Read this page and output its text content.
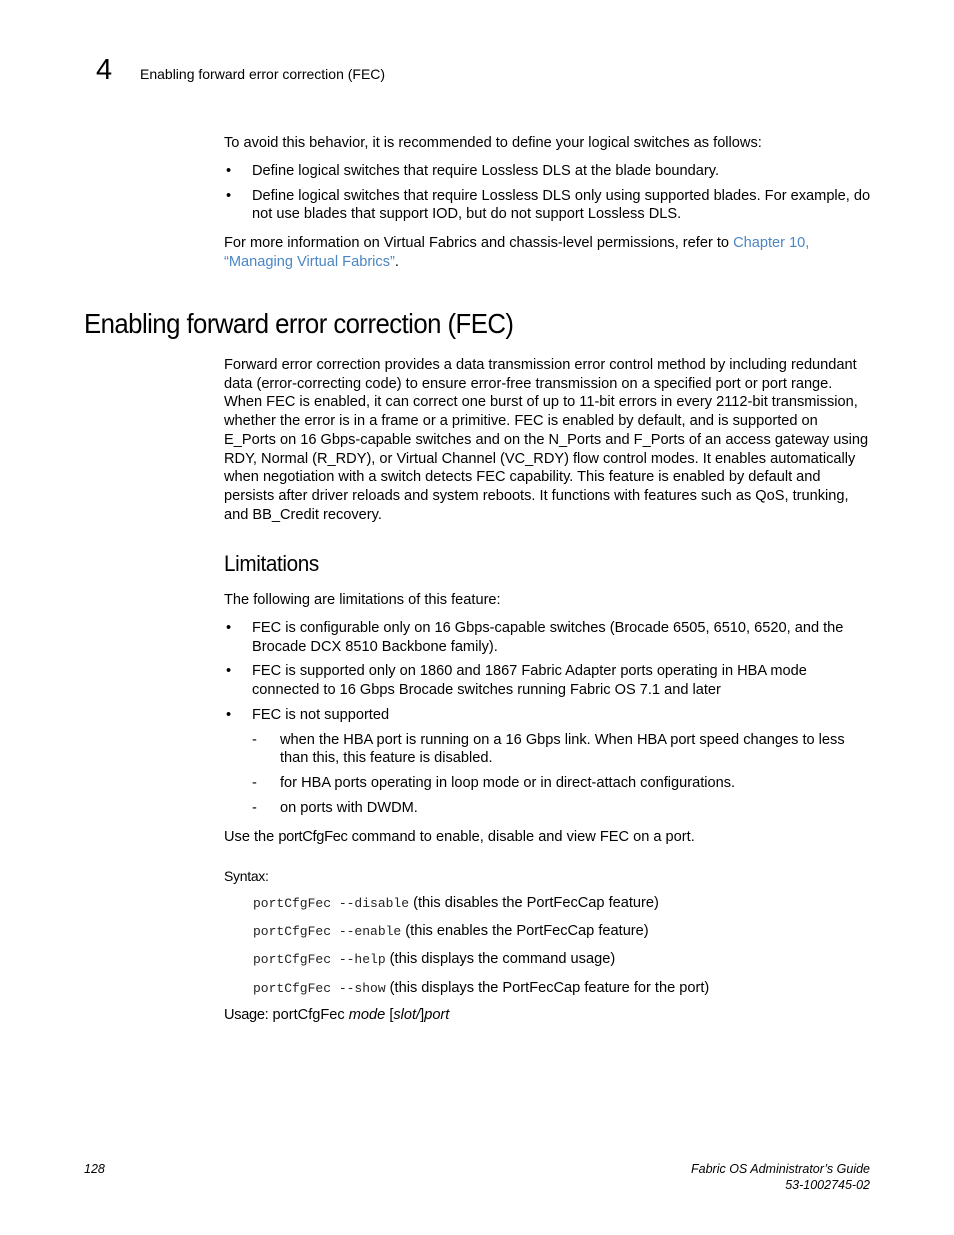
4 Enabling forward error correction (FEC)
To avoid this behavior, it is recommended to define your logical switches as follows:
• Define logical switches that require Lossless DLS at the blade boundary.
• Define logical switches that require Lossless DLS only using supported blades. For example, do not use blades that support IOD, but do not support Lossless DLS.
For more information on Virtual Fabrics and chassis-level permissions, refer to Chapter 10, “Managing Virtual Fabrics”.
Enabling forward error correction (FEC)
Forward error correction provides a data transmission error control method by including redundant data (error-correcting code) to ensure error-free transmission on a specified port or port range. When FEC is enabled, it can correct one burst of up to 11-bit errors in every 2112-bit transmission, whether the error is in a frame or a primitive. FEC is enabled by default, and is supported on E_Ports on 16 Gbps-capable switches and on the N_Ports and F_Ports of an access gateway using RDY, Normal (R_RDY), or Virtual Channel (VC_RDY) flow control modes. It enables automatically when negotiation with a switch detects FEC capability. This feature is enabled by default and persists after driver reloads and system reboots. It functions with features such as QoS, trunking, and BB_Credit recovery.
Limitations
The following are limitations of this feature:
• FEC is configurable only on 16 Gbps-capable switches (Brocade 6505, 6510, 6520, and the Brocade DCX 8510 Backbone family).
• FEC is supported only on 1860 and 1867 Fabric Adapter ports operating in HBA mode connected to 16 Gbps Brocade switches running Fabric OS 7.1 and later
• FEC is not supported
- when the HBA port is running on a 16 Gbps link. When HBA port speed changes to less than this, this feature is disabled.
- for HBA ports operating in loop mode or in direct-attach configurations.
- on ports with DWDM.
Use the portCfgFec command to enable, disable and view FEC on a port.
Syntax:
portCfgFec --disable (this disables the PortFecCap feature)
portCfgFec --enable (this enables the PortFecCap feature)
portCfgFec --help (this displays the command usage)
portCfgFec --show (this displays the PortFecCap feature for the port)
Usage: portCfgFec mode [slot/]port
128	Fabric OS Administrator’s Guide
53-1002745-02
